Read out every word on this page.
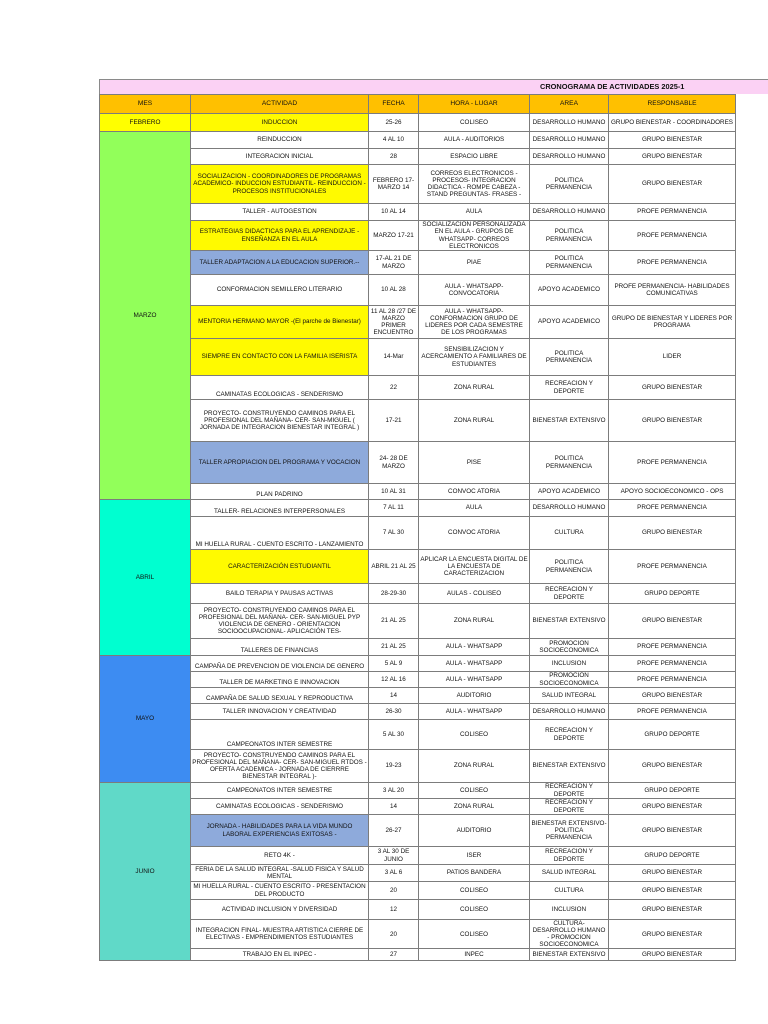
CRONOGRAMA DE ACTIVIDADES 2025-1
MES	ACTIVIDAD	FECHA	HORA - LUGAR	AREA	RESPONSABLE
FEBRERO	INDUCCION	25-26	COLISEO	DESARROLLO HUMANO	GRUPO BIENESTAR - COORDINADORES
MARZO	REINDUCCION	4 AL 10	AULA - AUDITORIOS	DESARROLLO HUMANO	GRUPO BIENESTAR
	INTEGRACION INICIAL	28	ESPACIO LIBRE	DESARROLLO HUMANO	GRUPO BIENESTAR
	SOCIALIZACION - COORDINADORES DE PROGRAMAS ACADEMICO- INDUCCION ESTUDIANTIL- REINDUCCION - PROCESOS INSTITUCIONALES	FEBRERO 17- MARZO 14	CORREOS ELECTRONICOS - PROCESOS- INTEGRACION DIDACTICA - ROMPE CABEZA - STAND PREGUNTAS- FRASES -	POLITICA PERMANENCIA	GRUPO BIENESTAR
	TALLER - AUTOGESTION	10 AL 14	AULA	DESARROLLO HUMANO	PROFE PERMANENCIA
	ESTRATEGIAS DIDACTICAS PARA EL APRENDIZAJE - ENSEÑANZA EN EL AULA	MARZO 17-21	SOCIALIZACION PERSONALIZADA EN EL AULA - GRUPOS DE WHATSAPP- CORREOS ELECTRONICOS	POLITICA PERMANENCIA	PROFE PERMANENCIA
	TALLER ADAPTACION A LA EDUCACION SUPERIOR.--	17-AL 21 DE MARZO	PIAE	POLITICA PERMANENCIA	PROFE PERMANENCIA
	CONFORMACION SEMILLERO LITERARIO	10 AL 28	AULA - WHATSAPP- CONVOCATORIA	APOYO ACADEMICO	PROFE PERMANENCIA- HABILIDADES COMUNICATIVAS
	MENTORIA HERMANO MAYOR -(El parche de Bienestar)	11 AL 28 /27 DE MARZO PRIMER ENCUENTRO	AULA - WHATSAPP- CONFORMACION GRUPO DE LIDERES POR CADA SEMESTRE DE LOS PROGRAMAS	APOYO ACADEMICO	GRUPO DE BIENESTAR Y LIDERES POR PROGRAMA
	SIEMPRE EN CONTACTO CON LA FAMILIA ISERISTA	14-Mar	SENSIBILIZACION Y ACERCAMIENTO A FAMILIARES DE ESTUDIANTES	POLITICA PERMANENCIA	LIDER
	CAMINATAS ECOLOGICAS - SENDERISMO	22	ZONA RURAL	RECREACION Y DEPORTE	GRUPO BIENESTAR
	PROYECTO- CONSTRUYENDO CAMINOS PARA EL PROFESIONAL DEL MAÑANA- CER- SAN-MIGUEL ( JORNADA DE INTEGRACION BIENESTAR INTEGRAL )	17-21	ZONA RURAL	BIENESTAR EXTENSIVO	GRUPO BIENESTAR
	TALLER APROPIACION DEL PROGRAMA Y VOCACION	24- 28 DE MARZO	PISE	POLITICA PERMANENCIA	PROFE PERMANENCIA
	PLAN PADRINO	10 AL 31	CONVOC ATORIA	APOYO ACADEMICO	APOYO SOCIOECONOMICO - OPS
ABRIL	TALLER- RELACIONES INTERPERSONALES	7 AL 11	AULA	DESARROLLO HUMANO	PROFE PERMANENCIA
	MI HUELLA RURAL - CUENTO ESCRITO - LANZAMIENTO	7 AL 30	CONVOC ATORIA	CULTURA	GRUPO BIENESTAR
	CARACTERIZACIÓN ESTUDIANTIL	ABRIL 21 AL 25	APLICAR LA ENCUESTA DIGITAL DE LA ENCUESTA DE CARACTERIZACION	POLITICA PERMANENCIA	PROFE PERMANENCIA
	BAILO TERAPIA Y PAUSAS ACTIVAS	28-29-30	AULAS - COLISEO	RECREACION Y DEPORTE	GRUPO DEPORTE
	PROYECTO- CONSTRUYENDO CAMINOS PARA EL PROFESIONAL DEL MAÑANA- CER- SAN-MIGUEL PYP VIOLENCIA DE GENERO - ORIENTACION SOCIOOCUPACIONAL- APLICACIÓN TES-	21 AL 25	ZONA RURAL	BIENESTAR EXTENSIVO	GRUPO BIENESTAR
	TALLERES DE FINANCIAS	21 AL 25	AULA - WHATSAPP	PROMOCION SOCIOECONOMICA	PROFE PERMANENCIA
MAYO	CAMPAÑA DE PREVENCION DE VIOLENCIA DE GENERO	5 AL 9	AULA - WHATSAPP	INCLUSION	PROFE PERMANENCIA
	TALLER DE MARKETING E INNOVACION	12 AL 16	AULA - WHATSAPP	PROMOCION SOCIOECONOMICA	PROFE PERMANENCIA
	CAMPAÑA DE SALUD SEXUAL Y REPRODUCTIVA	14	AUDITORIO	SALUD INTEGRAL	GRUPO BIENESTAR
	TALLER INNOVACION Y CREATIVIDAD	26-30	AULA - WHATSAPP	DESARROLLO HUMANO	PROFE PERMANENCIA
	CAMPEONATOS INTER SEMESTRE	5 AL 30	COLISEO	RECREACION Y DEPORTE	GRUPO DEPORTE
	PROYECTO- CONSTRUYENDO CAMINOS PARA EL PROFESIONAL DEL MAÑANA- CER- SAN-MIGUEL RTDOS - OFERTA ACADEMICA - JORNADA DE CIERRRE BIENESTAR INTEGRAL )-	19-23	ZONA RURAL	BIENESTAR EXTENSIVO	GRUPO BIENESTAR
JUNIO	CAMPEONATOS INTER SEMESTRE	3 AL 20	COLISEO	RECREACION Y DEPORTE	GRUPO DEPORTE
	CAMINATAS ECOLOGICAS - SENDERISMO	14	ZONA RURAL	RECREACION Y DEPORTE	GRUPO BIENESTAR
	JORNADA - HABILIDADES PARA LA VIDA MUNDO LABORAL EXPERIENCIAS EXITOSAS -	26-27	AUDITORIO	BIENESTAR EXTENSIVO- POLITICA PERMANENCIA	GRUPO BIENESTAR
	RETO 4K -	3 AL 30 DE JUNIO	ISER	RECREACION Y DEPORTE	GRUPO DEPORTE
	FERIA DE LA SALUD INTEGRAL -SALUD FISICA Y SALUD MENTAL	3 AL 6	PATIOS BANDERA	SALUD INTEGRAL	GRUPO BIENESTAR
	MI HUELLA RURAL - CUENTO ESCRITO - PRESENTACION DEL PRODUCTO	20	COLISEO	CULTURA	GRUPO BIENESTAR
	ACTIVIDAD INCLUSION Y DIVERSIDAD	12	COLISEO	INCLUSION	GRUPO BIENESTAR
	INTEGRACION FINAL- MUESTRA ARTISTICA CIERRE DE ELECTIVAS - EMPRENDIMIENTOS ESTUDIANTES	20	COLISEO	CULTURA- DESARROLLO HUMANO - PROMOCION SOCIOECONOMICA	GRUPO BIENESTAR
	TRABAJO EN EL INPEC -	27	INPEC	BIENESTAR EXTENSIVO	GRUPO BIENESTAR
